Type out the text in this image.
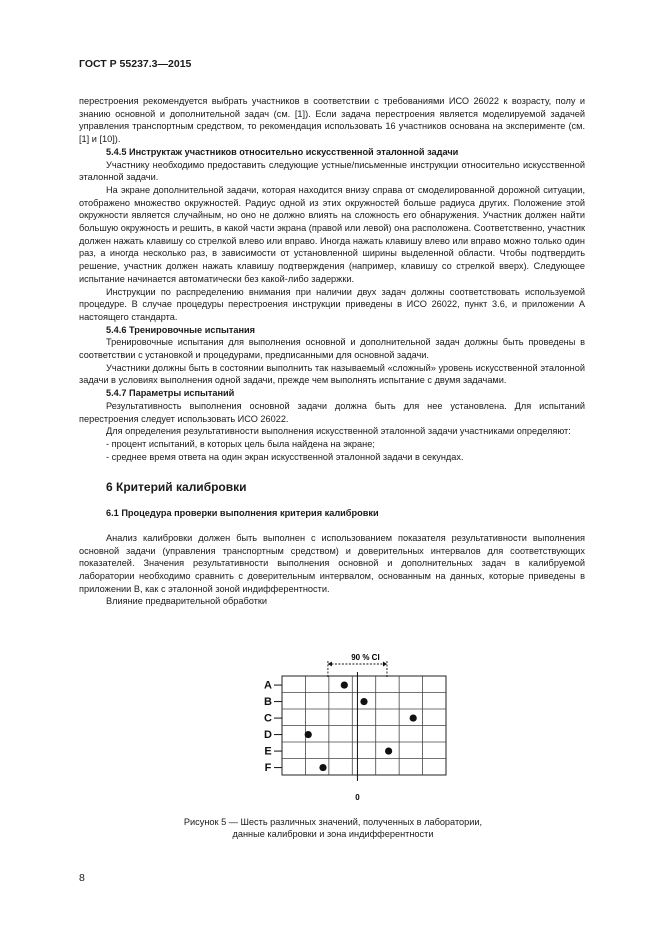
ГОСТ Р 55237.3—2015

перестроения рекомендуется выбрать участников в соответствии с требованиями ИСО 26022 к возрасту, полу и знанию основной и дополнительной задач (см. [1]). Если задача перестроения является моделируемой задачей управления транспортным средством, то рекомендация использовать 16 участников основана на эксперименте (см. [1] и [10]).

5.4.5 Инструктаж участников относительно искусственной эталонной задачи

Участнику необходимо предоставить следующие устные/письменные инструкции относительно искусственной эталонной задачи.

На экране дополнительной задачи, которая находится внизу справа от смоделированной дорожной ситуации, отображено множество окружностей. Радиус одной из этих окружностей больше радиуса других. Положение этой окружности является случайным, но оно не должно влиять на сложность его обнаружения. Участник должен найти большую окружность и решить, в какой части экрана (правой или левой) она расположена. Соответственно, участник должен нажать клавишу со стрелкой влево или вправо. Иногда нажать клавишу влево или вправо можно только один раз, а иногда несколько раз, в зависимости от установленной ширины выделенной области. Чтобы подтвердить решение, участник должен нажать клавишу подтверждения (например, клавишу со стрелкой вверх). Следующее испытание начинается автоматически без какой-либо задержки.

Инструкции по распределению внимания при наличии двух задач должны соответствовать используемой процедуре. В случае процедуры перестроения инструкции приведены в ИСО 26022, пункт 3.6, и приложении А настоящего стандарта.

5.4.6 Тренировочные испытания

Тренировочные испытания для выполнения основной и дополнительной задач должны быть проведены в соответствии с установкой и процедурами, предписанными для основной задачи.

Участники должны быть в состоянии выполнить так называемый «сложный» уровень искусственной эталонной задачи в условиях выполнения одной задачи, прежде чем выполнять испытание с двумя задачами.

5.4.7 Параметры испытаний

Результативность выполнения основной задачи должна быть для нее установлена. Для испытаний перестроения следует использовать ИСО 26022.

Для определения результативности выполнения искусственной эталонной задачи участниками определяют:

- процент испытаний, в которых цель была найдена на экране;

- среднее время ответа на один экран искусственной эталонной задачи в секундах.

6 Критерий калибровки
6.1 Процедура проверки выполнения критерия калибровки

Анализ калибровки должен быть выполнен с использованием показателя результативности выполнения основной задачи (управления транспортным средством) и доверительных интервалов для соответствующих показателей. Значения результативности выполнения основной и дополнительных задач в калибруемой лаборатории необходимо сравнить с доверительным интервалом, основанным на данных, которые приведены в приложении В, как с эталонной зоной индифферентности.

Влияние предварительной обработки

A
B
C
D
E
F
90 % CI
0
Рисунок 5 — Шесть различных значений, полученных в лаборатории,
данные калибровки и зона индифферентности
8
